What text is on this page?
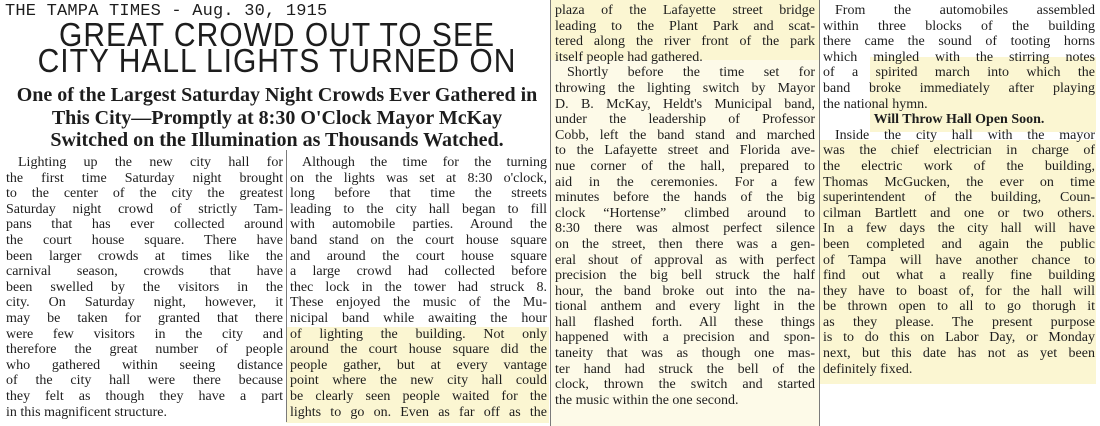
THE TAMPA TIMES - Aug. 30, 1915
GREAT CROWD OUT TO SEE
CITY HALL LIGHTS TURNED ON
One of the Largest Saturday Night Crowds Ever Gathered in
This City—Promptly at 8:30 O'Clock Mayor McKay
Switched on the Illumination as Thousands Watched.
Lighting up the new city hall for
the first time Saturday night brought
to the center of the city the greatest
Saturday night crowd of strictly Tam-
pans that has ever collected around
the court house square. There have
been larger crowds at times like the
carnival season, crowds that have
been swelled by the visitors in the
city. On Saturday night, however, it
may be taken for granted that there
were few visitors in the city and
therefore the great number of people
who gathered within seeing distance
of the city hall were there because
they felt as though they have a part
in this magnificent structure.
Although the time for the turning
on the lights was set at 8:30 o'clock,
long before that time the streets
leading to the city hall began to fill
with automobile parties. Around the
band stand on the court house square
and around the court house square
a large crowd had collected before
thec lock in the tower had struck 8.
These enjoyed the music of the Mu-
nicipal band while awaiting the hour
of lighting the building. Not only
around the court house square did the
people gather, but at every vantage
point where the new city hall could
be clearly seen people waited for the
lights to go on. Even as far off as the
plaza of the Lafayette street bridge
leading to the Plant Park and scat-
tered along the river front of the park
itself people had gathered.
Shortly before the time set for
throwing the lighting switch by Mayor
D. B. McKay, Heldt's Municipal band,
under the leadership of Professor
Cobb, left the band stand and marched
to the Lafayette street and Florida ave-
nue corner of the hall, prepared to
aid in the ceremonies. For a few
minutes before the hands of the big
clock “Hortense” climbed around to
8:30 there was almost perfect silence
on the street, then there was a gen-
eral shout of approval as with perfect
precision the big bell struck the half
hour, the band broke out into the na-
tional anthem and every light in the
hall flashed forth. All these things
happened with a precision and spon-
taneity that was as though one mas-
ter hand had struck the bell of the
clock, thrown the switch and started
the music within the one second.
From the automobiles assembled
within three blocks of the building
there came the sound of tooting horns
which mingled with the stirring notes
of a spirited march into which the
band broke immediately after playing
the national hymn.
Will Throw Hall Open Soon.
Inside the city hall with the mayor
was the chief electrician in charge of
the electric work of the building,
Thomas McGucken, the ever on time
superintendent of the building, Coun-
cilman Bartlett and one or two others.
In a few days the city hall will have
been completed and again the public
of Tampa will have another chance to
find out what a really fine building
they have to boast of, for the hall will
be thrown open to all to go thorugh it
as they please. The present purpose
is to do this on Labor Day, or Monday
next, but this date has not as yet been
definitely fixed.
